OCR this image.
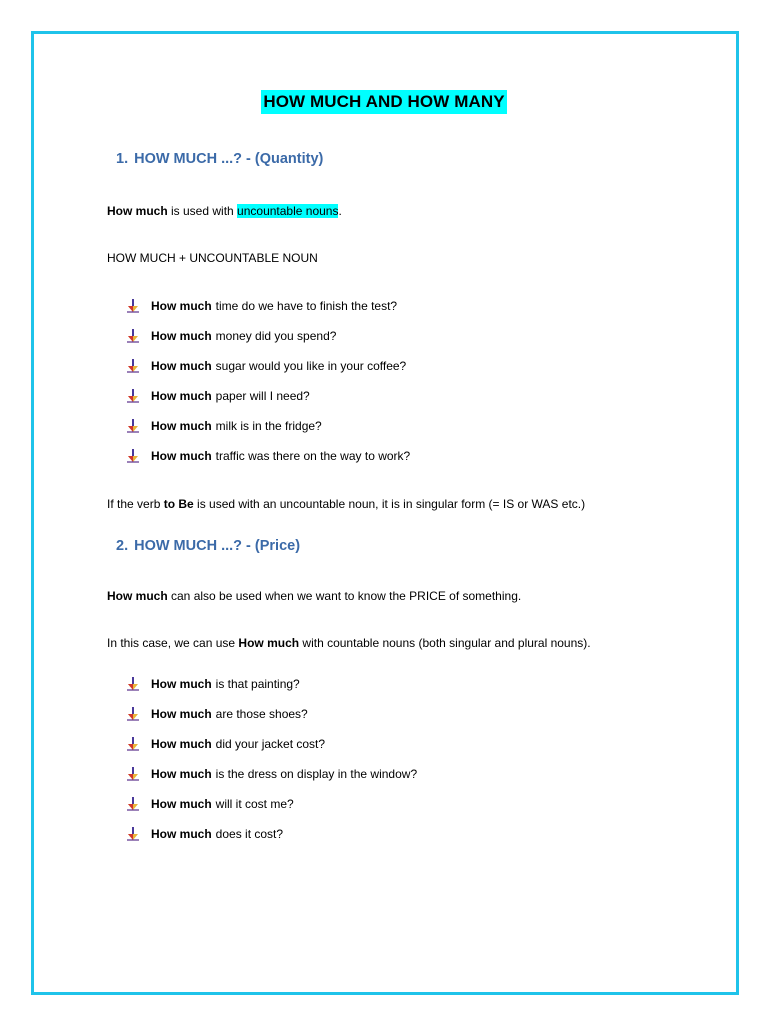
HOW MUCH AND HOW MANY
1. HOW MUCH ...? - (Quantity)
How much is used with uncountable nouns.
HOW MUCH + UNCOUNTABLE NOUN
How much time do we have to finish the test?
How much money did you spend?
How much sugar would you like in your coffee?
How much paper will I need?
How much milk is in the fridge?
How much traffic was there on the way to work?
If the verb to Be is used with an uncountable noun, it is in singular form (= IS or WAS etc.)
2. HOW MUCH ...? - (Price)
How much can also be used when we want to know the PRICE of something.
In this case, we can use How much with countable nouns (both singular and plural nouns).
How much is that painting?
How much are those shoes?
How much did your jacket cost?
How much is the dress on display in the window?
How much will it cost me?
How much does it cost?
